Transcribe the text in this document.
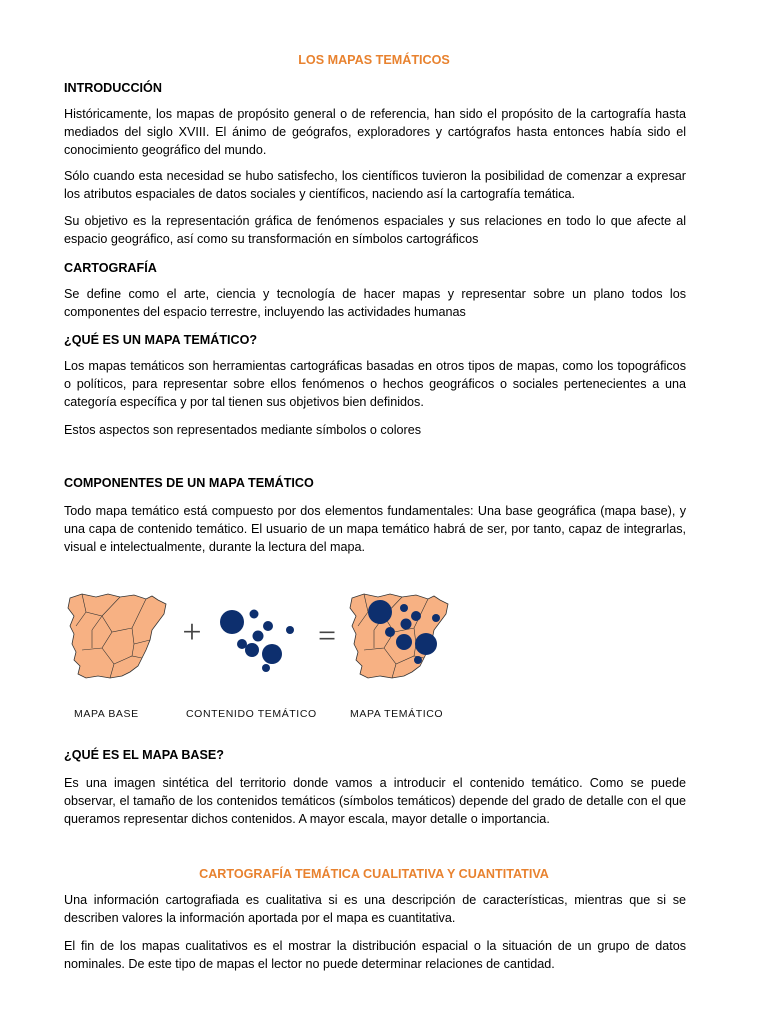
LOS MAPAS TEMÁTICOS

INTRODUCCIÓN

Históricamente, los mapas de propósito general o de referencia, han sido el propósito de la cartografía hasta mediados del siglo XVIII. El ánimo de geógrafos, exploradores y cartógrafos hasta entonces había sido el conocimiento geográfico del mundo.

Sólo cuando esta necesidad se hubo satisfecho, los científicos tuvieron la posibilidad de comenzar a expresar los atributos espaciales de datos sociales y científicos, naciendo así la cartografía temática.

Su objetivo es la representación gráfica de fenómenos espaciales y sus relaciones en todo lo que afecte al espacio geográfico, así como su transformación en símbolos cartográficos

CARTOGRAFÍA

Se define como el arte, ciencia y tecnología de hacer mapas y representar sobre un plano todos los componentes del espacio terrestre, incluyendo las actividades humanas

¿QUÉ ES UN MAPA TEMÁTICO?

Los mapas temáticos son herramientas cartográficas basadas en otros tipos de mapas, como los topográficos o políticos, para representar sobre ellos fenómenos o hechos geográficos o sociales pertenecientes a una categoría específica y por tal tienen sus objetivos bien definidos.

Estos aspectos son representados mediante símbolos o colores

COMPONENTES DE UN MAPA TEMÁTICO

Todo mapa temático está compuesto por dos elementos fundamentales: Una base geográfica (mapa base), y una capa de contenido temático. El usuario de un mapa temático habrá de ser, por tanto, capaz de integrarlas, visual e intelectualmente, durante la lectura del mapa.

+	=
MAPA BASE	CONTENIDO TEMÁTICO	MAPA TEMÁTICO

¿QUÉ ES EL MAPA BASE?

Es una imagen sintética del territorio donde vamos a introducir el contenido temático. Como se puede observar, el tamaño de los contenidos temáticos (símbolos temáticos) depende del grado de detalle con el que queramos representar dichos contenidos. A mayor escala, mayor detalle o importancia.

CARTOGRAFÍA TEMÁTICA CUALITATIVA Y CUANTITATIVA

Una información cartografiada es cualitativa si es una descripción de características, mientras que si se describen valores la información aportada por el mapa es cuantitativa.

El fin de los mapas cualitativos es el mostrar la distribución espacial o la situación de un grupo de datos nominales. De este tipo de mapas el lector no puede determinar relaciones de cantidad.
